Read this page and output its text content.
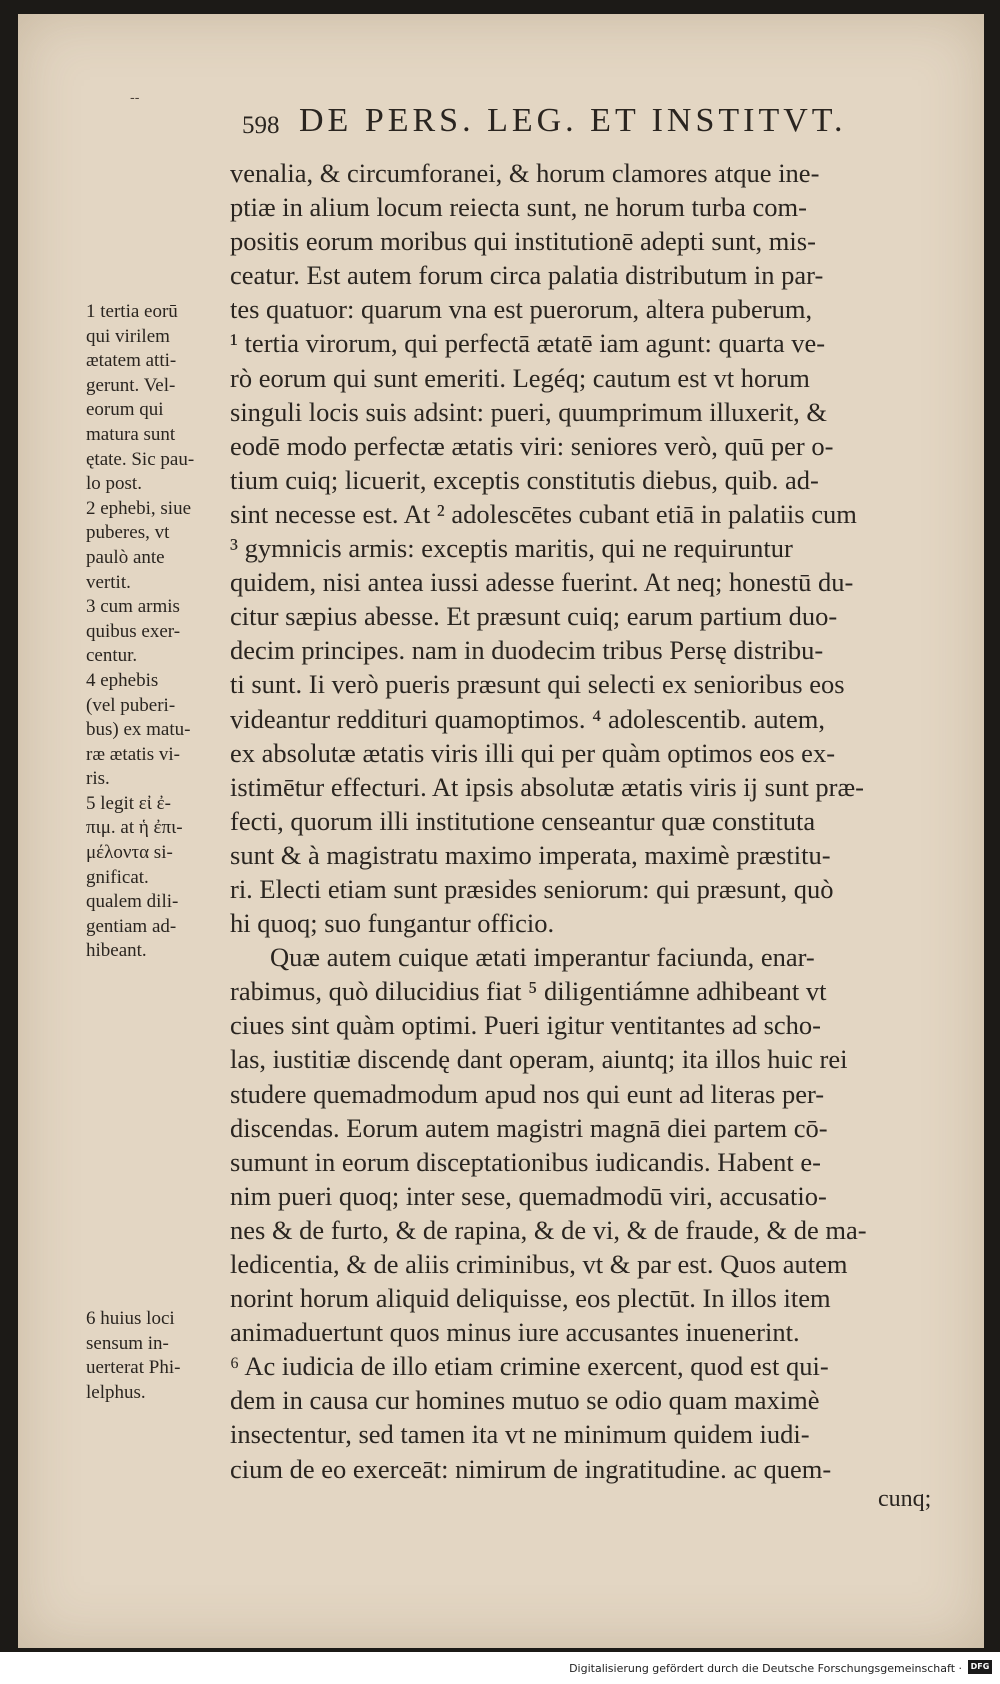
--
598 DE PERS. LEG. ET INSTITVT.
1 tertia eorū
qui virilem
ætatem atti-
gerunt. Vel-
eorum qui
matura sunt
ętate. Sic pau-
lo post.
2 ephebi, siue
puberes, vt
paulò ante
vertit.
3 cum armis
quibus exer-
centur.
4 ephebis
(vel puberi-
bus) ex matu-
ræ ætatis vi-
ris.
5 legit εἰ ἐ-
πιμ. at ἡ ἐπι-
μέλοντα si-
gnificat.
qualem dili-
gentiam ad-
hibeant.
6 huius loci
sensum in-
uerterat Phi-
lelphus.
venalia, & circumforanei, & horum clamores atque ine-
ptiæ in alium locum reiecta sunt, ne horum turba com-
positis eorum moribus qui institutionē adepti sunt, mis-
ceatur. Est autem forum circa palatia distributum in par-
tes quatuor: quarum vna est puerorum, altera puberum,
¹ tertia virorum, qui perfectā ætatē iam agunt: quarta ve-
rò eorum qui sunt emeriti. Legéq; cautum est vt horum
singuli locis suis adsint: pueri, quumprimum illuxerit, &
eodē modo perfectæ ætatis viri: seniores verò, quū per o-
tium cuiq; licuerit, exceptis constitutis diebus, quib. ad-
sint necesse est. At ² adolescētes cubant etiā in palatiis cum
³ gymnicis armis: exceptis maritis, qui ne requiruntur
quidem, nisi antea iussi adesse fuerint. At neq; honestū du-
citur sæpius abesse. Et præsunt cuiq; earum partium duo-
decim principes. nam in duodecim tribus Persę distribu-
ti sunt. Ii verò pueris præsunt qui selecti ex senioribus eos
videantur reddituri quamoptimos. ⁴ adolescentib. autem,
ex absolutæ ætatis viris illi qui per quàm optimos eos ex-
istimētur effecturi. At ipsis absolutæ ætatis viris ij sunt præ-
fecti, quorum illi institutione censeantur quæ constituta
sunt & à magistratu maximo imperata, maximè præstitu-
ri. Electi etiam sunt præsides seniorum: qui præsunt, quò
hi quoq; suo fungantur officio.
Quæ autem cuique ætati imperantur faciunda, enar-
rabimus, quò dilucidius fiat ⁵ diligentiámne adhibeant vt
ciues sint quàm optimi. Pueri igitur ventitantes ad scho-
las, iustitiæ discendę dant operam, aiuntq; ita illos huic rei
studere quemadmodum apud nos qui eunt ad literas per-
discendas. Eorum autem magistri magnā diei partem cō-
sumunt in eorum disceptationibus iudicandis. Habent e-
nim pueri quoq; inter sese, quemadmodū viri, accusatio-
nes & de furto, & de rapina, & de vi, & de fraude, & de ma-
ledicentia, & de aliis criminibus, vt & par est. Quos autem
norint horum aliquid deliquisse, eos plectūt. In illos item
animaduertunt quos minus iure accusantes inuenerint.
⁶ Ac iudicia de illo etiam crimine exercent, quod est qui-
dem in causa cur homines mutuo se odio quam maximè
insectentur, sed tamen ita vt ne minimum quidem iudi-
cium de eo exerceāt: nimirum de ingratitudine. ac quem-
cunq;
Digitalisierung gefördert durch die Deutsche Forschungsgemeinschaft ·	DFG
